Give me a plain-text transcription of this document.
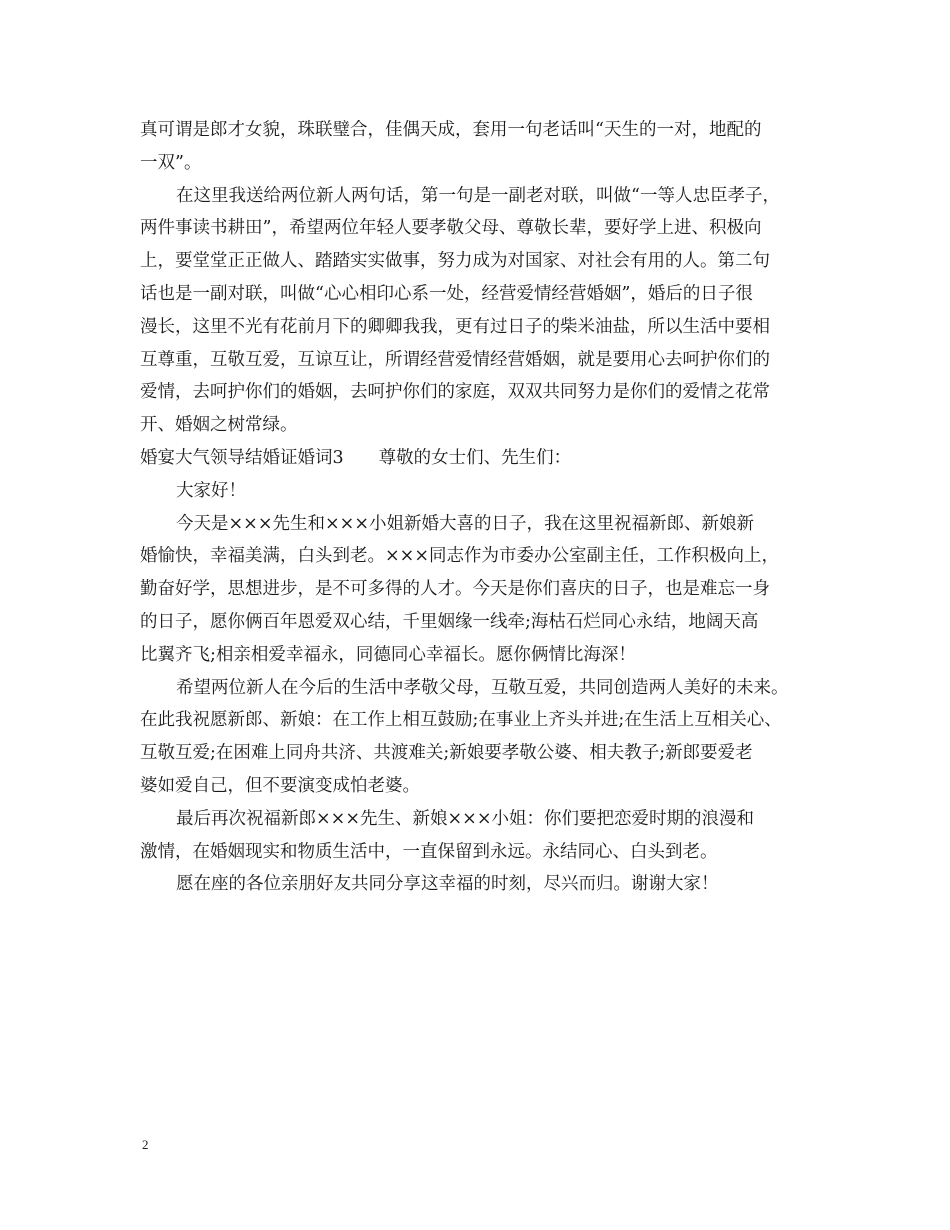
真可谓是郎才女貌，珠联璧合，佳偶天成，套用一句老话叫“天生的一对，地配的
一双”。
在这里我送给两位新人两句话，第一句是一副老对联，叫做“一等人忠臣孝子，
两件事读书耕田”，希望两位年轻人要孝敬父母、尊敬长辈，要好学上进、积极向
上，要堂堂正正做人、踏踏实实做事，努力成为对国家、对社会有用的人。第二句
话也是一副对联，叫做“心心相印心系一处，经营爱情经营婚姻”，婚后的日子很
漫长，这里不光有花前月下的卿卿我我，更有过日子的柴米油盐，所以生活中要相
互尊重，互敬互爱，互谅互让，所谓经营爱情经营婚姻，就是要用心去呵护你们的
爱情，去呵护你们的婚姻，去呵护你们的家庭，双双共同努力是你们的爱情之花常
开、婚姻之树常绿。
婚宴大气领导结婚证婚词3　　尊敬的女士们、先生们：
大家好！
今天是×××先生和×××小姐新婚大喜的日子，我在这里祝福新郎、新娘新
婚愉快，幸福美满，白头到老。×××同志作为市委办公室副主任，工作积极向上，
勤奋好学，思想进步，是不可多得的人才。今天是你们喜庆的日子，也是难忘一身
的日子，愿你俩百年恩爱双心结，千里姻缘一线牵;海枯石烂同心永结，地阔天高
比翼齐飞;相亲相爱幸福永，同德同心幸福长。愿你俩情比海深！
希望两位新人在今后的生活中孝敬父母，互敬互爱，共同创造两人美好的未来。
在此我祝愿新郎、新娘：在工作上相互鼓励;在事业上齐头并进;在生活上互相关心、
互敬互爱;在困难上同舟共济、共渡难关;新娘要孝敬公婆、相夫教子;新郎要爱老
婆如爱自己，但不要演变成怕老婆。
最后再次祝福新郎×××先生、新娘×××小姐：你们要把恋爱时期的浪漫和
激情，在婚姻现实和物质生活中，一直保留到永远。永结同心、白头到老。
愿在座的各位亲朋好友共同分享这幸福的时刻，尽兴而归。谢谢大家！
2
